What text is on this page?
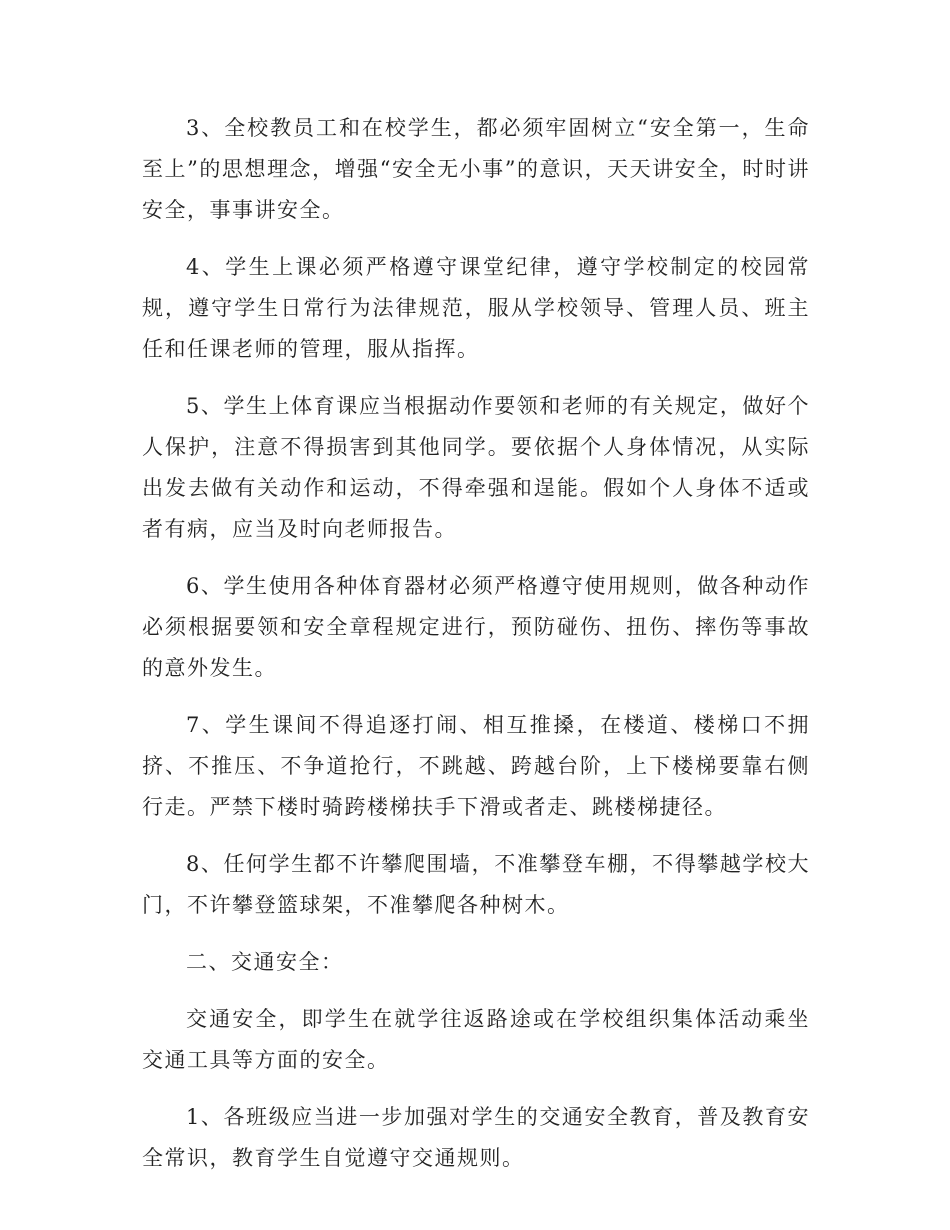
3、全校教员工和在校学生，都必须牢固树立“安全第一，生命至上”的思想理念，增强“安全无小事”的意识，天天讲安全，时时讲安全，事事讲安全。

4、学生上课必须严格遵守课堂纪律，遵守学校制定的校园常规，遵守学生日常行为法律规范，服从学校领导、管理人员、班主任和任课老师的管理，服从指挥。

5、学生上体育课应当根据动作要领和老师的有关规定，做好个人保护，注意不得损害到其他同学。要依据个人身体情况，从实际出发去做有关动作和运动，不得牵强和逞能。假如个人身体不适或者有病，应当及时向老师报告。

6、学生使用各种体育器材必须严格遵守使用规则，做各种动作必须根据要领和安全章程规定进行，预防碰伤、扭伤、摔伤等事故的意外发生。

7、学生课间不得追逐打闹、相互推搡，在楼道、楼梯口不拥挤、不推压、不争道抢行，不跳越、跨越台阶，上下楼梯要靠右侧行走。严禁下楼时骑跨楼梯扶手下滑或者走、跳楼梯捷径。

8、任何学生都不许攀爬围墙，不准攀登车棚，不得攀越学校大门，不许攀登篮球架，不准攀爬各种树木。

二、交通安全：

交通安全，即学生在就学往返路途或在学校组织集体活动乘坐交通工具等方面的安全。

1、各班级应当进一步加强对学生的交通安全教育，普及教育安全常识，教育学生自觉遵守交通规则。
